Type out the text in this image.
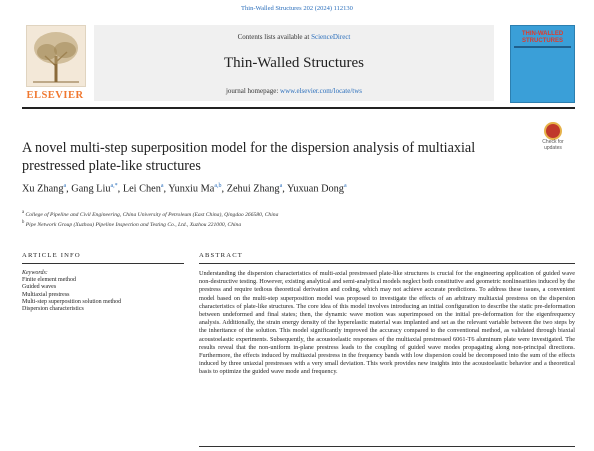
Thin-Walled Structures 202 (2024) 112130
ELSEVIER
Contents lists available at ScienceDirect
Thin-Walled Structures
journal homepage: www.elsevier.com/locate/tws
THIN-WALLED STRUCTURES
Check for updates
A novel multi-step superposition model for the dispersion analysis of multiaxial prestressed plate-like structures
Xu Zhang$^a$, Gang Liu$^{a,*}$, Lei Chen$^a$, Yunxiu Ma$^{a,b}$, Zehui Zhang$^a$, Yuxuan Dong$^a$
$^a$ College of Pipeline and Civil Engineering, China University of Petroleum (East China), Qingdao 266580, China
$^b$ Pipe Network Group (Xuzhou) Pipeline Inspection and Testing Co., Ltd., Xuzhou 221000, China
ARTICLE INFO	ABSTRACT
Keywords:
Finite element method
Guided waves
Multiaxial prestress
Multi-step superposition solution method
Dispersion characteristics
Understanding the dispersion characteristics of multi-axial prestressed plate-like structures is crucial for the engineering application of guided wave non-destructive testing. However, existing analytical and semi-analytical models neglect both constitutive and geometric nonlinearities induced by the prestress and require tedious theoretical derivation and coding, which may not achieve accurate predictions. To address these issues, a convenient model based on the multi-step superposition model was proposed to investigate the effects of an arbitrary multiaxial prestress on the dispersion characteristics of plate-like structures. The core idea of this model involves introducing an initial configuration to describe the static pre-deformation between undeformed and final states; then, the dynamic wave motion was superimposed on the initial pre-deformation for the eigenfrequency analysis. Additionally, the strain energy density of the hyperelastic material was implanted and set as the relevant variable between the two steps by the inheritance of the solution. This model significantly improved the accuracy compared to the conventional method, as validated through biaxial acoustoelastic experiments. Subsequently, the acoustoelastic responses of the multiaxial prestressed 6061-T6 aluminum plate were investigated. The results reveal that the non-uniform in-plane prestress leads to the coupling of guided wave modes propagating along non-principal directions. Furthermore, the effects induced by multiaxial prestress in the frequency bands with low dispersion could be decomposed into the sum of the effects induced by three uniaxial prestresses with a very small deviation. This work provides new insights into the acoustoelastic behavior and a theoretical basis to optimize the guided wave mode and frequency.
